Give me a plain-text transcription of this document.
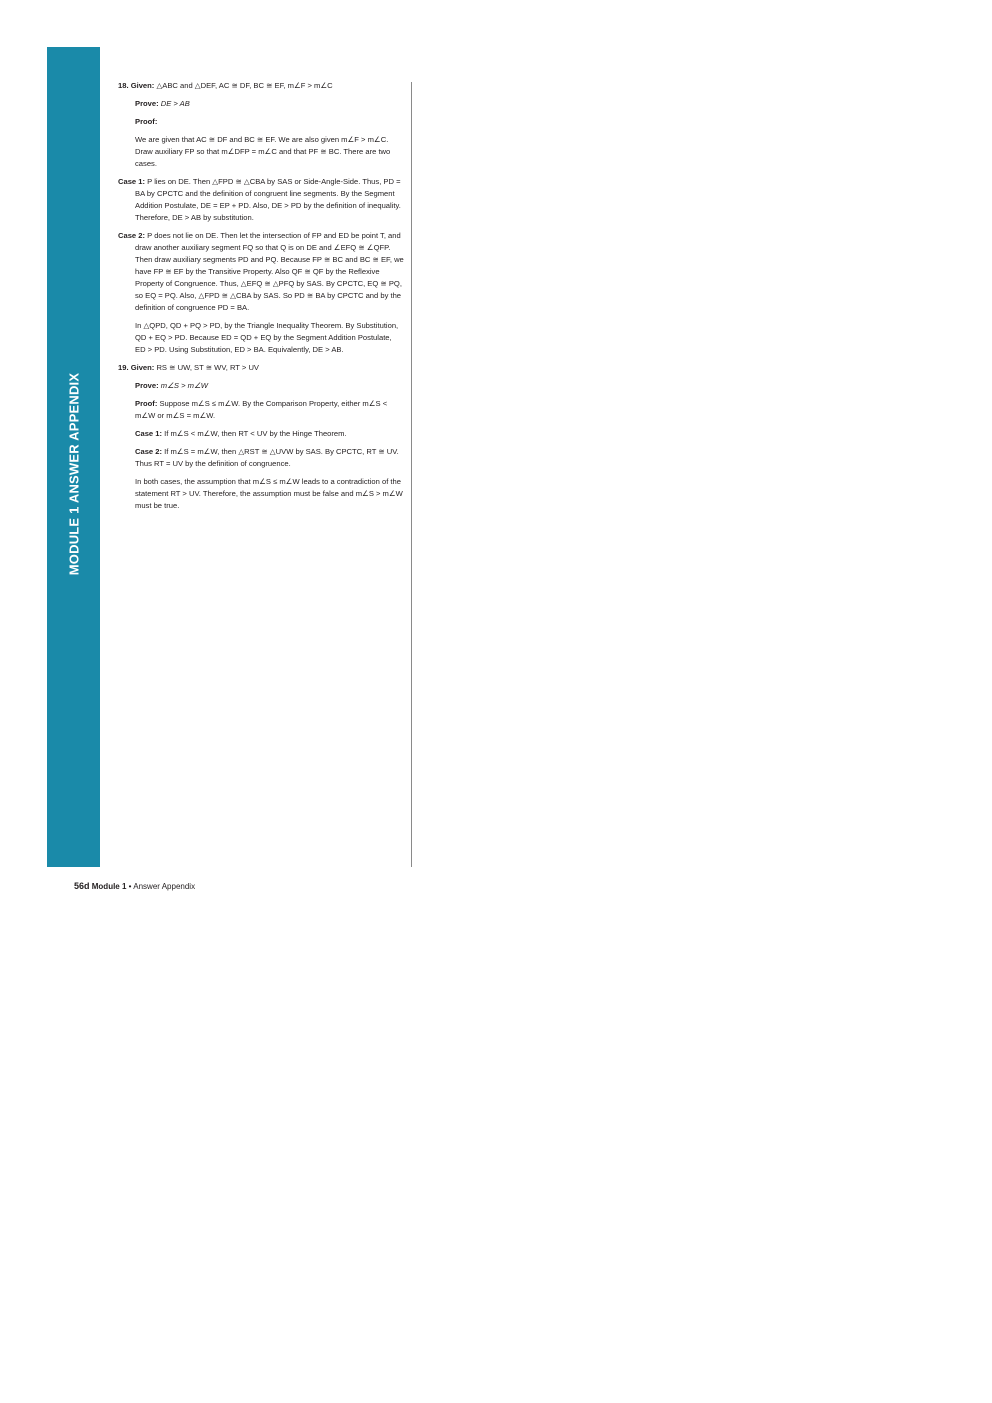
MODULE 1 ANSWER APPENDIX

18. Given: △ABC and △DEF, AC ≅ DF, BC ≅ EF, m∠F > m∠C

Prove: DE > AB

Proof:

We are given that AC ≅ DF and BC ≅ EF. We are also given m∠F > m∠C. Draw auxiliary FP so that m∠DFP = m∠C and that PF ≅ BC. There are two cases.

Case 1: P lies on DE. Then △FPD ≅ △CBA by SAS or Side-Angle-Side. Thus, PD = BA by CPCTC and the definition of congruent line segments. By the Segment Addition Postulate, DE = EP + PD. Also, DE > PD by the definition of inequality. Therefore, DE > AB by substitution.

Case 2: P does not lie on DE. Then let the intersection of FP and ED be point T, and draw another auxiliary segment FQ so that Q is on DE and ∠EFQ ≅ ∠QFP. Then draw auxiliary segments PD and PQ. Because FP ≅ BC and BC ≅ EF, we have FP ≅ EF by the Transitive Property. Also QF ≅ QF by the Reflexive Property of Congruence. Thus, △EFQ ≅ △PFQ by SAS. By CPCTC, EQ ≅ PQ, so EQ = PQ. Also, △FPD ≅ △CBA by SAS. So PD ≅ BA by CPCTC and by the definition of congruence PD = BA.

In △QPD, QD + PQ > PD, by the Triangle Inequality Theorem. By Substitution, QD + EQ > PD. Because ED = QD + EQ by the Segment Addition Postulate, ED > PD. Using Substitution, ED > BA. Equivalently, DE > AB.

19. Given: RS ≅ UW, ST ≅ WV, RT > UV

Prove: m∠S > m∠W

Proof: Suppose m∠S ≤ m∠W. By the Comparison Property, either m∠S < m∠W or m∠S = m∠W.

Case 1: If m∠S < m∠W, then RT < UV by the Hinge Theorem.

Case 2: If m∠S = m∠W, then △RST ≅ △UVW by SAS. By CPCTC, RT ≅ UV. Thus RT = UV by the definition of congruence.

In both cases, the assumption that m∠S ≤ m∠W leads to a contradiction of the statement RT > UV. Therefore, the assumption must be false and m∠S > m∠W must be true.

56d Module 1 • Answer Appendix
